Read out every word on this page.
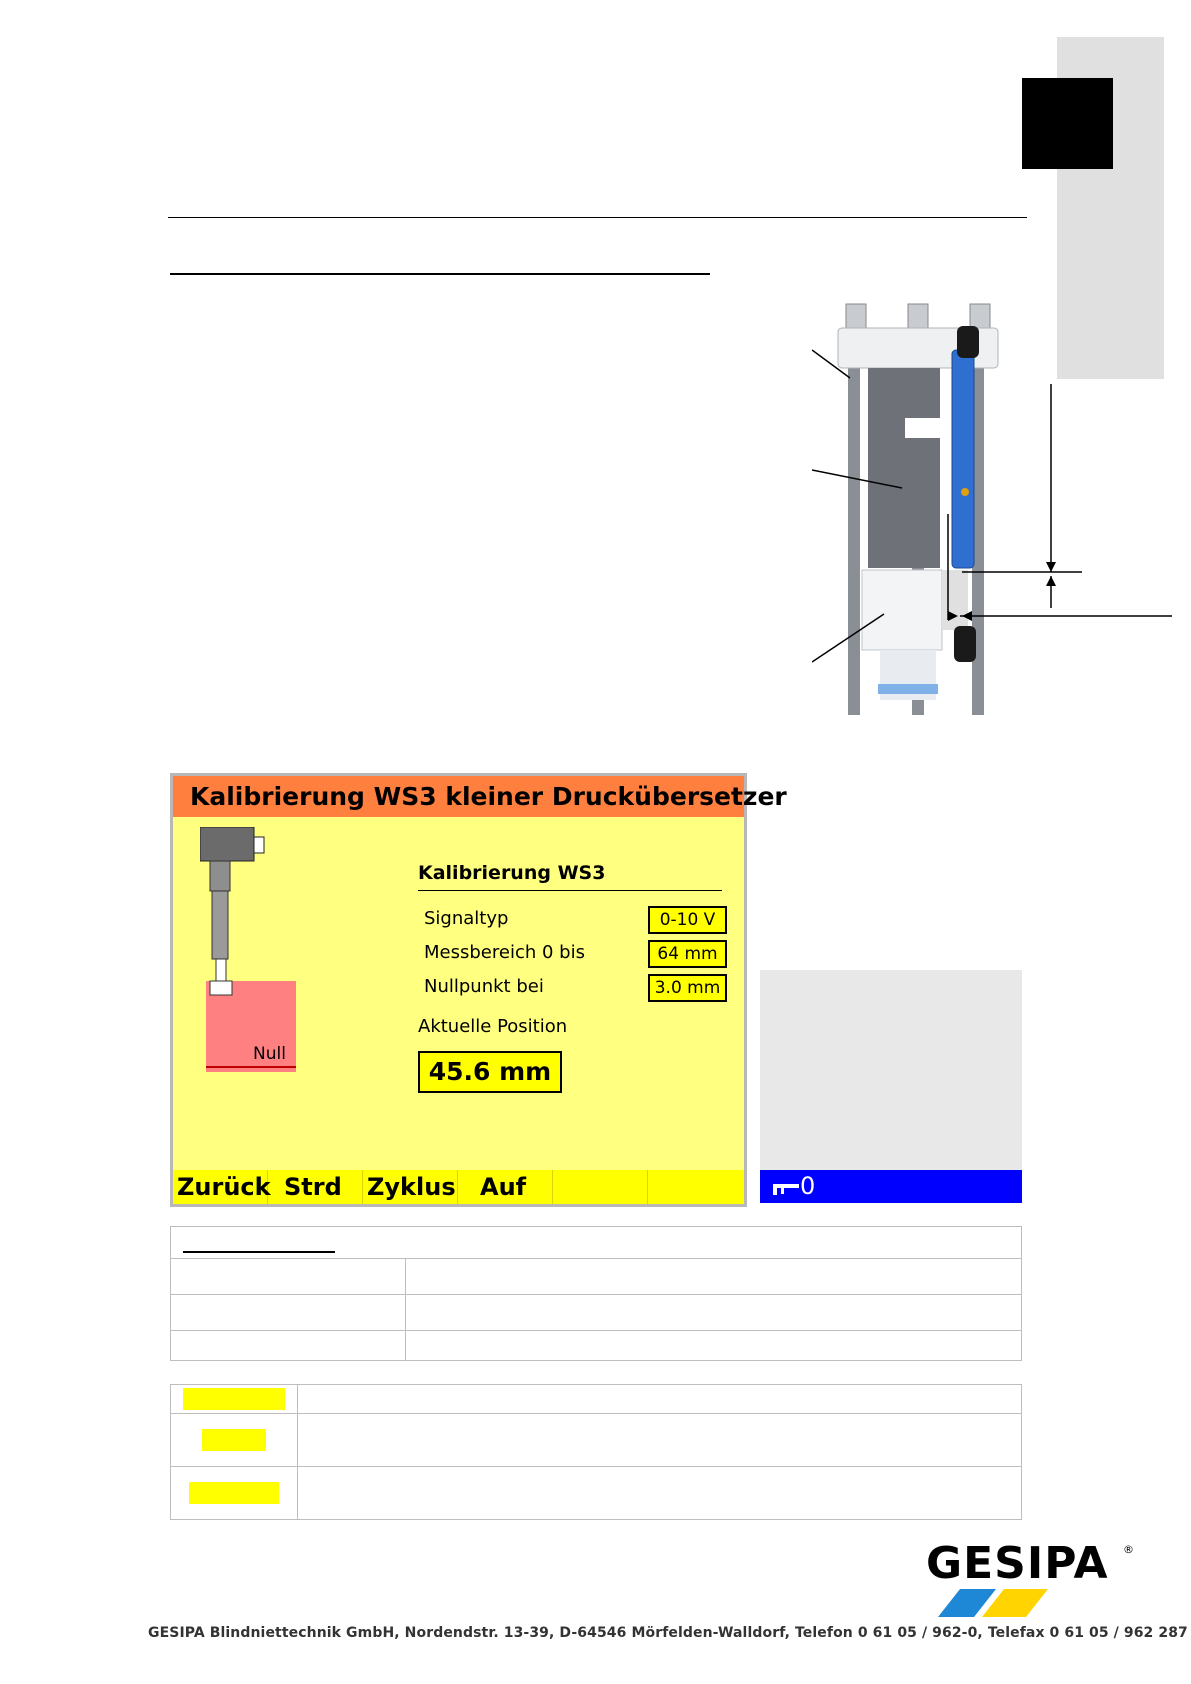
Kalibrierung WS3 kleiner Druckübersetzer
Null
Kalibrierung WS3
Signaltyp	0-10 V
Messbereich 0 bis	64 mm
Nullpunkt bei	3.0 mm
Aktuelle Position
45.6 mm
Zurück Strd	Zyklus	Auf	0

GESIPA ®
GESIPA Blindniettechnik GmbH, Nordendstr. 13-39, D-64546 Mörfelden-Walldorf, Telefon 0 61 05 / 962-0, Telefax 0 61 05 / 962 287
